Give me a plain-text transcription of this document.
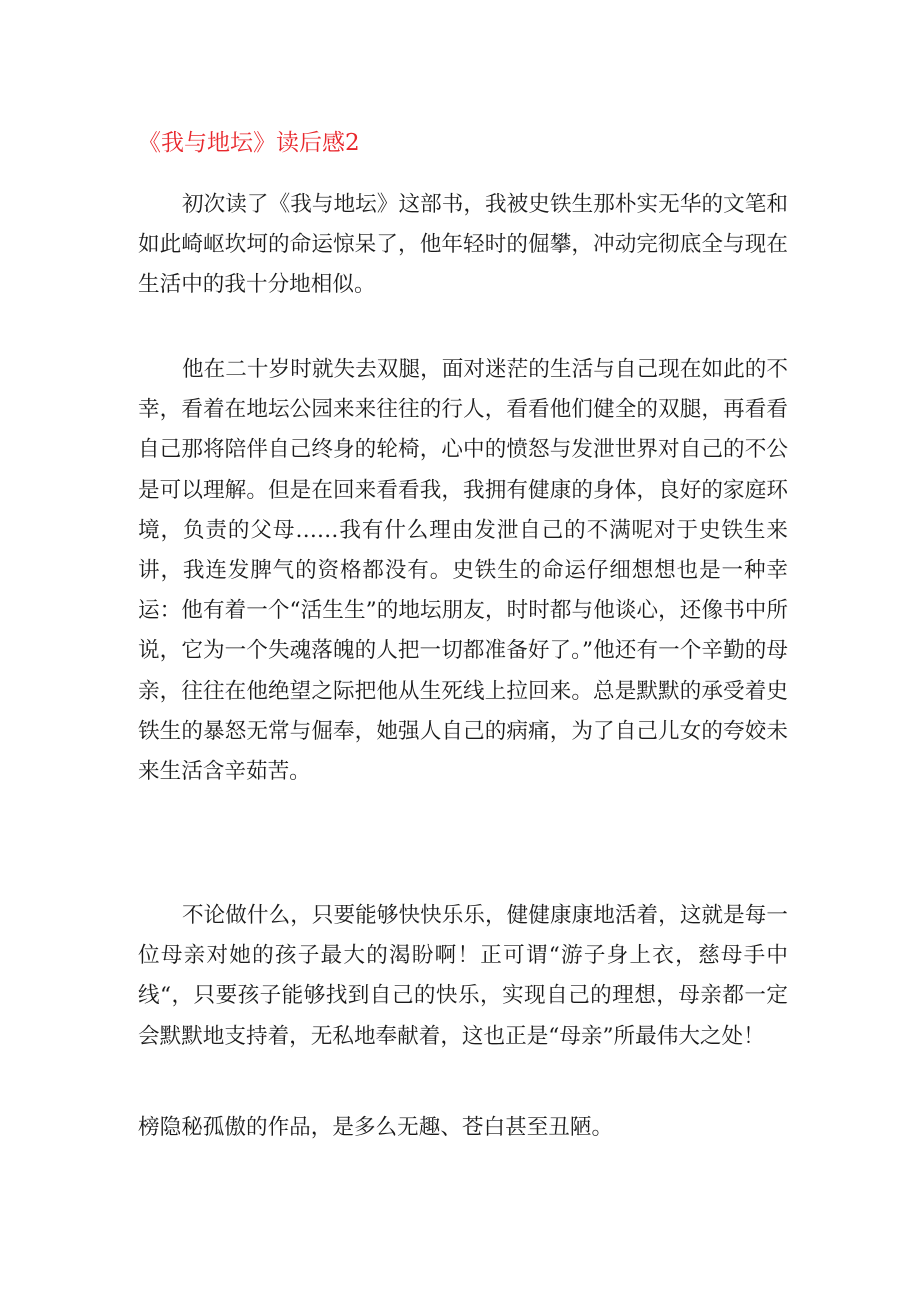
《我与地坛》读后感2

初次读了《我与地坛》这部书，我被史铁生那朴实无华的文笔和如此崎岖坎坷的命运惊呆了，他年轻时的倔攀，冲动完彻底全与现在生活中的我十分地相似。

他在二十岁时就失去双腿，面对迷茫的生活与自己现在如此的不幸，看着在地坛公园来来往往的行人，看看他们健全的双腿，再看看自己那将陪伴自己终身的轮椅，心中的愤怒与发泄世界对自己的不公是可以理解。但是在回来看看我，我拥有健康的身体，良好的家庭环境，负责的父母……我有什么理由发泄自己的不满呢对于史铁生来讲，我连发脾气的资格都没有。史铁生的命运仔细想想也是一种幸运：他有着一个“活生生”的地坛朋友，时时都与他谈心，还像书中所说，它为一个失魂落魄的人把一切都准备好了。”他还有一个辛勤的母亲，往往在他绝望之际把他从生死线上拉回来。总是默默的承受着史铁生的暴怒无常与倔奉，她强人自己的病痛，为了自己儿女的夸姣未来生活含辛茹苦。

不论做什么，只要能够快快乐乐，健健康康地活着，这就是每一位母亲对她的孩子最大的渴盼啊！正可谓“游子身上衣，慈母手中线“，只要孩子能够找到自己的快乐，实现自己的理想，母亲都一定会默默地支持着，无私地奉献着，这也正是“母亲”所最伟大之处！

榜隐秘孤傲的作品，是多么无趣、苍白甚至丑陋。
